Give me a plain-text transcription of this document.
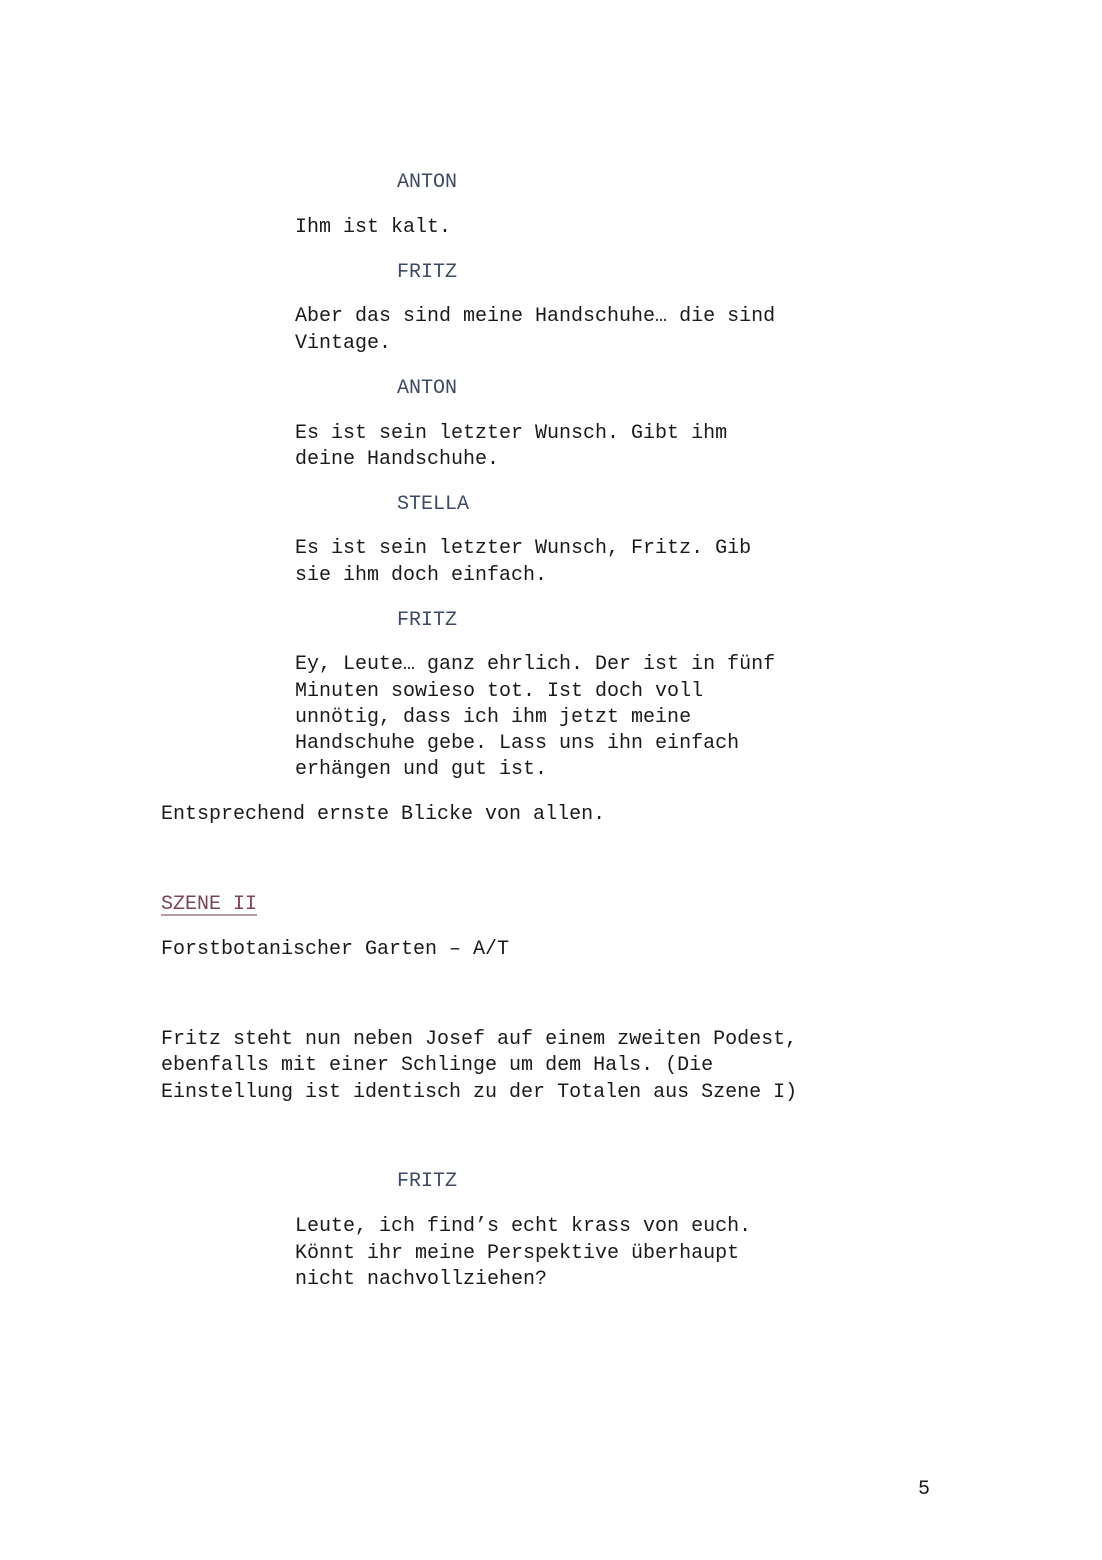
ANTON
Ihm ist kalt.
FRITZ
Aber das sind meine Handschuhe… die sind
Vintage.
ANTON
Es ist sein letzter Wunsch. Gibt ihm
deine Handschuhe.
STELLA
Es ist sein letzter Wunsch, Fritz. Gib
sie ihm doch einfach.
FRITZ
Ey, Leute… ganz ehrlich. Der ist in fünf
Minuten sowieso tot. Ist doch voll
unnötig, dass ich ihm jetzt meine
Handschuhe gebe. Lass uns ihn einfach
erhängen und gut ist.
Entsprechend ernste Blicke von allen.
SZENE II
Forstbotanischer Garten – A/T
Fritz steht nun neben Josef auf einem zweiten Podest,
ebenfalls mit einer Schlinge um dem Hals. (Die
Einstellung ist identisch zu der Totalen aus Szene I)
FRITZ
Leute, ich find’s echt krass von euch.
Könnt ihr meine Perspektive überhaupt
nicht nachvollziehen?
5
